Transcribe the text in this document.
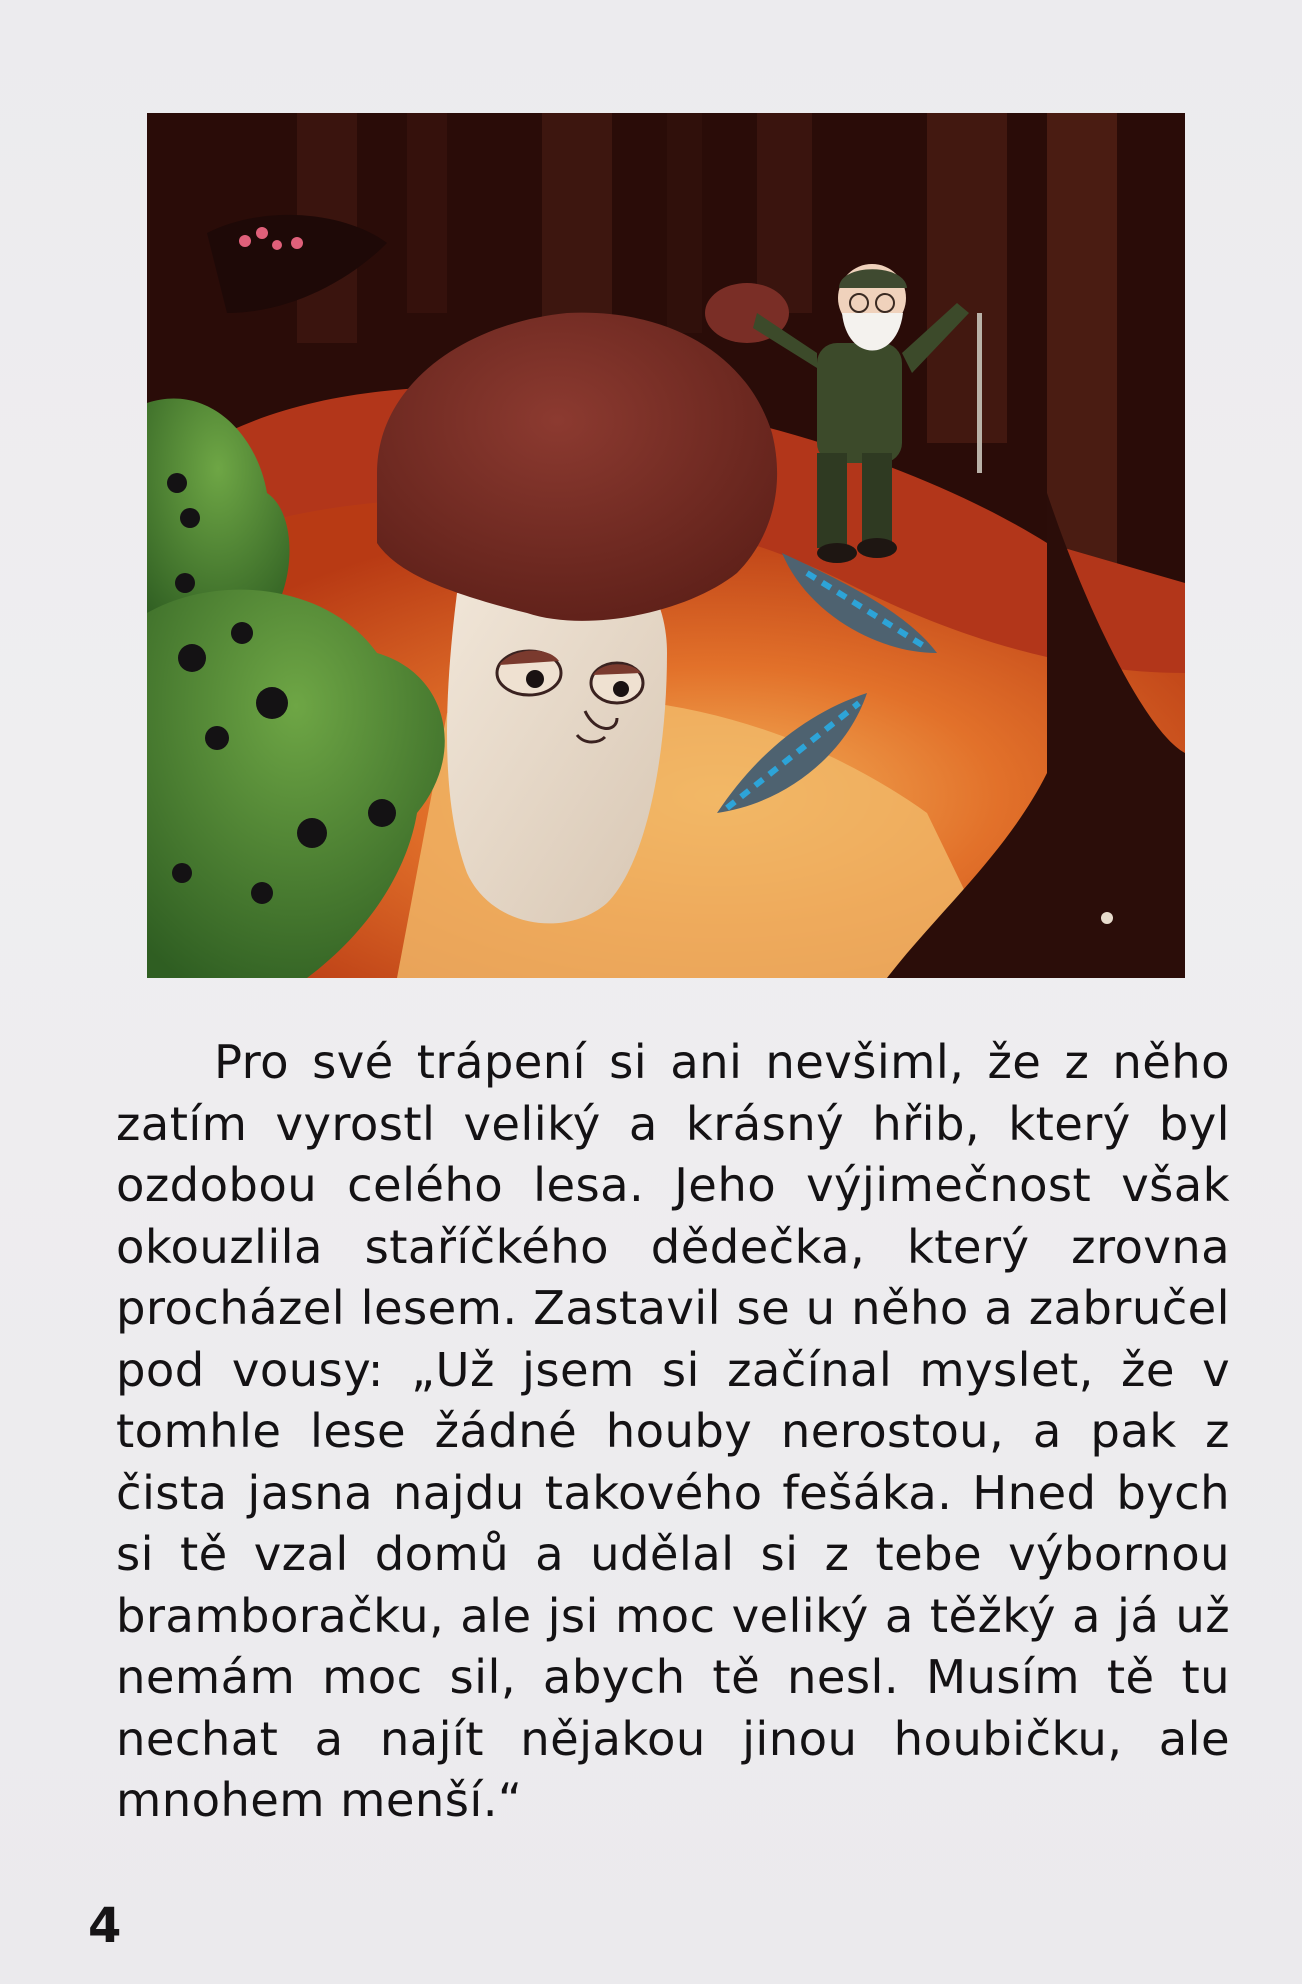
Pro své trápení si ani nevšiml, že z něho zatím vyrostl veliký a krásný hřib, který byl ozdobou celého lesa. Jeho výjimečnost však okouzlila staříčkého dědečka, který zrovna procházel lesem. Zastavil se u něho a zabručel pod vousy: „Už jsem si začínal myslet, že v tomhle lese žádné houby nerostou, a pak z čista jasna najdu takového fešáka. Hned bych si tě vzal domů a udělal si z tebe výbornou bramboračku, ale jsi moc veliký a těžký a já už nemám moc sil, abych tě nesl. Musím tě tu nechat a najít nějakou jinou houbičku, ale mnohem menší.“

4
